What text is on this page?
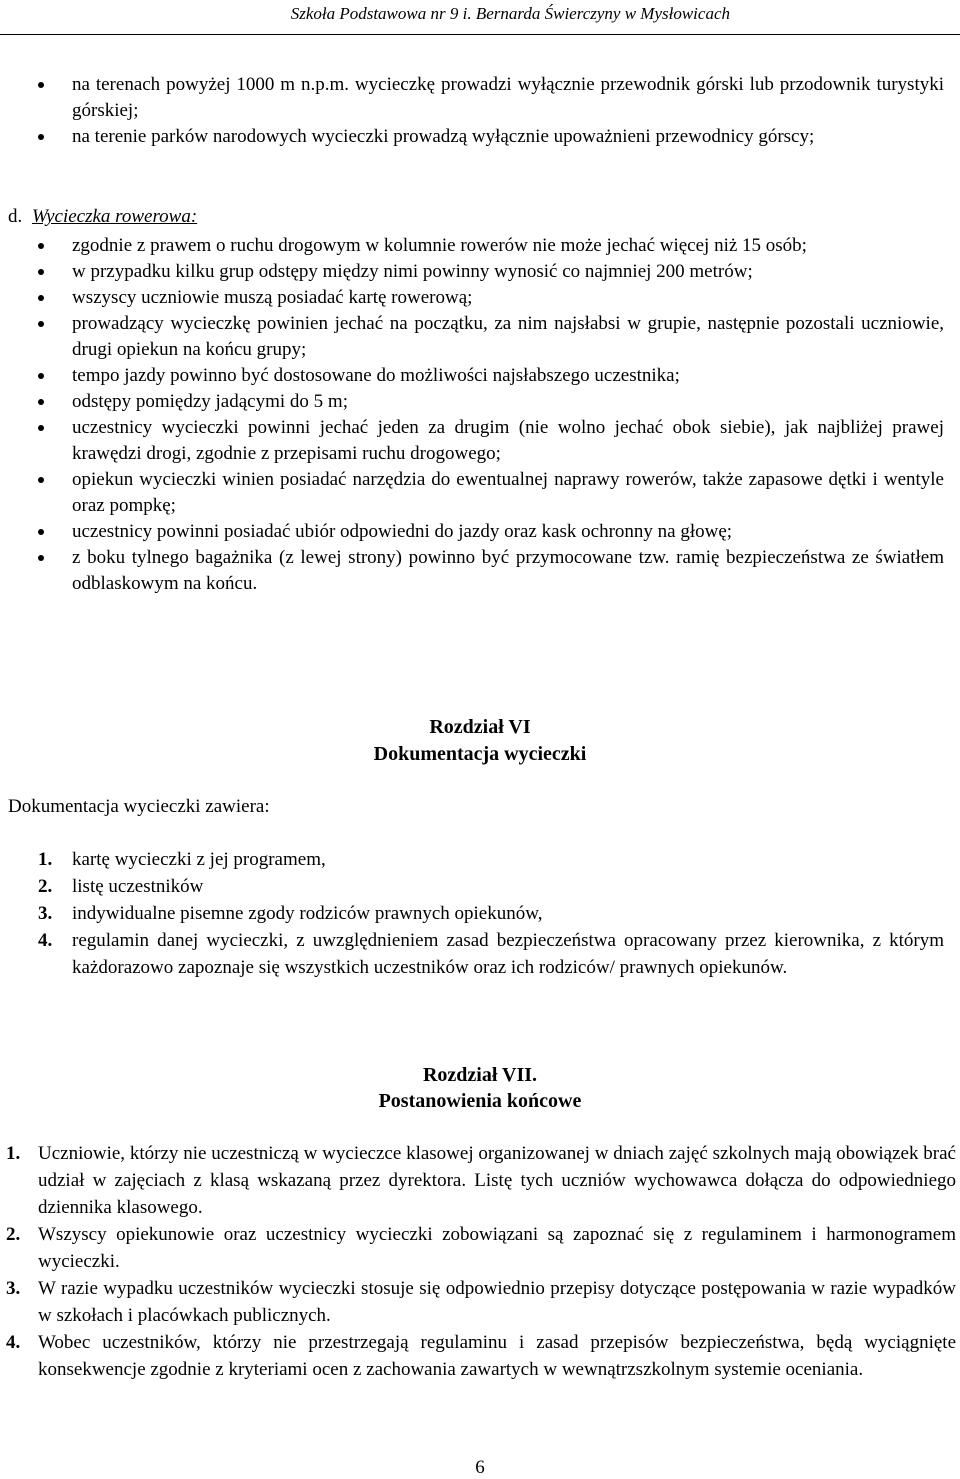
Szkoła Podstawowa nr 9 i. Bernarda Świerczyny w Mysłowicach
na terenach powyżej 1000 m n.p.m. wycieczkę prowadzi wyłącznie przewodnik górski lub przodownik turystyki górskiej;
na terenie parków narodowych wycieczki prowadzą wyłącznie upoważnieni przewodnicy górscy;
d. Wycieczka rowerowa:
zgodnie z prawem o ruchu drogowym w kolumnie rowerów nie może jechać więcej niż 15 osób;
w przypadku kilku grup odstępy między nimi powinny wynosić co najmniej 200 metrów;
wszyscy uczniowie muszą posiadać kartę rowerową;
prowadzący wycieczkę powinien jechać na początku, za nim najsłabsi w grupie, następnie pozostali uczniowie, drugi opiekun na końcu grupy;
tempo jazdy powinno być dostosowane do możliwości najsłabszego uczestnika;
odstępy pomiędzy jadącymi do 5 m;
uczestnicy wycieczki powinni jechać jeden za drugim (nie wolno jechać obok siebie), jak najbliżej prawej krawędzi drogi, zgodnie z przepisami ruchu drogowego;
opiekun wycieczki winien posiadać narzędzia do ewentualnej naprawy rowerów, także zapasowe dętki i wentyle oraz pompkę;
uczestnicy powinni posiadać ubiór odpowiedni do jazdy oraz kask ochronny na głowę;
z boku tylnego bagażnika (z lewej strony) powinno być przymocowane tzw. ramię bezpieczeństwa ze światłem odblaskowym na końcu.
Rozdział VI
Dokumentacja wycieczki
Dokumentacja wycieczki zawiera:
1. kartę wycieczki z jej programem,
2. listę uczestników
3. indywidualne pisemne zgody rodziców prawnych opiekunów,
4. regulamin danej wycieczki, z uwzględnieniem zasad bezpieczeństwa opracowany przez kierownika, z którym każdorazowo zapoznaje się wszystkich uczestników oraz ich rodziców/ prawnych opiekunów.
Rozdział VII.
Postanowienia końcowe
1. Uczniowie, którzy nie uczestniczą w wycieczce klasowej organizowanej w dniach zajęć szkolnych mają obowiązek brać udział w zajęciach z klasą wskazaną przez dyrektora. Listę tych uczniów wychowawca dołącza do odpowiedniego dziennika klasowego.
2. Wszyscy opiekunowie oraz uczestnicy wycieczki zobowiązani są zapoznać się z regulaminem i harmonogramem wycieczki.
3. W razie wypadku uczestników wycieczki stosuje się odpowiednio przepisy dotyczące postępowania w razie wypadków w szkołach i placówkach publicznych.
4. Wobec uczestników, którzy nie przestrzegają regulaminu i zasad przepisów bezpieczeństwa, będą wyciągnięte konsekwencje zgodnie z kryteriami ocen z zachowania zawartych w wewnątrzszkolnym systemie oceniania.
6
